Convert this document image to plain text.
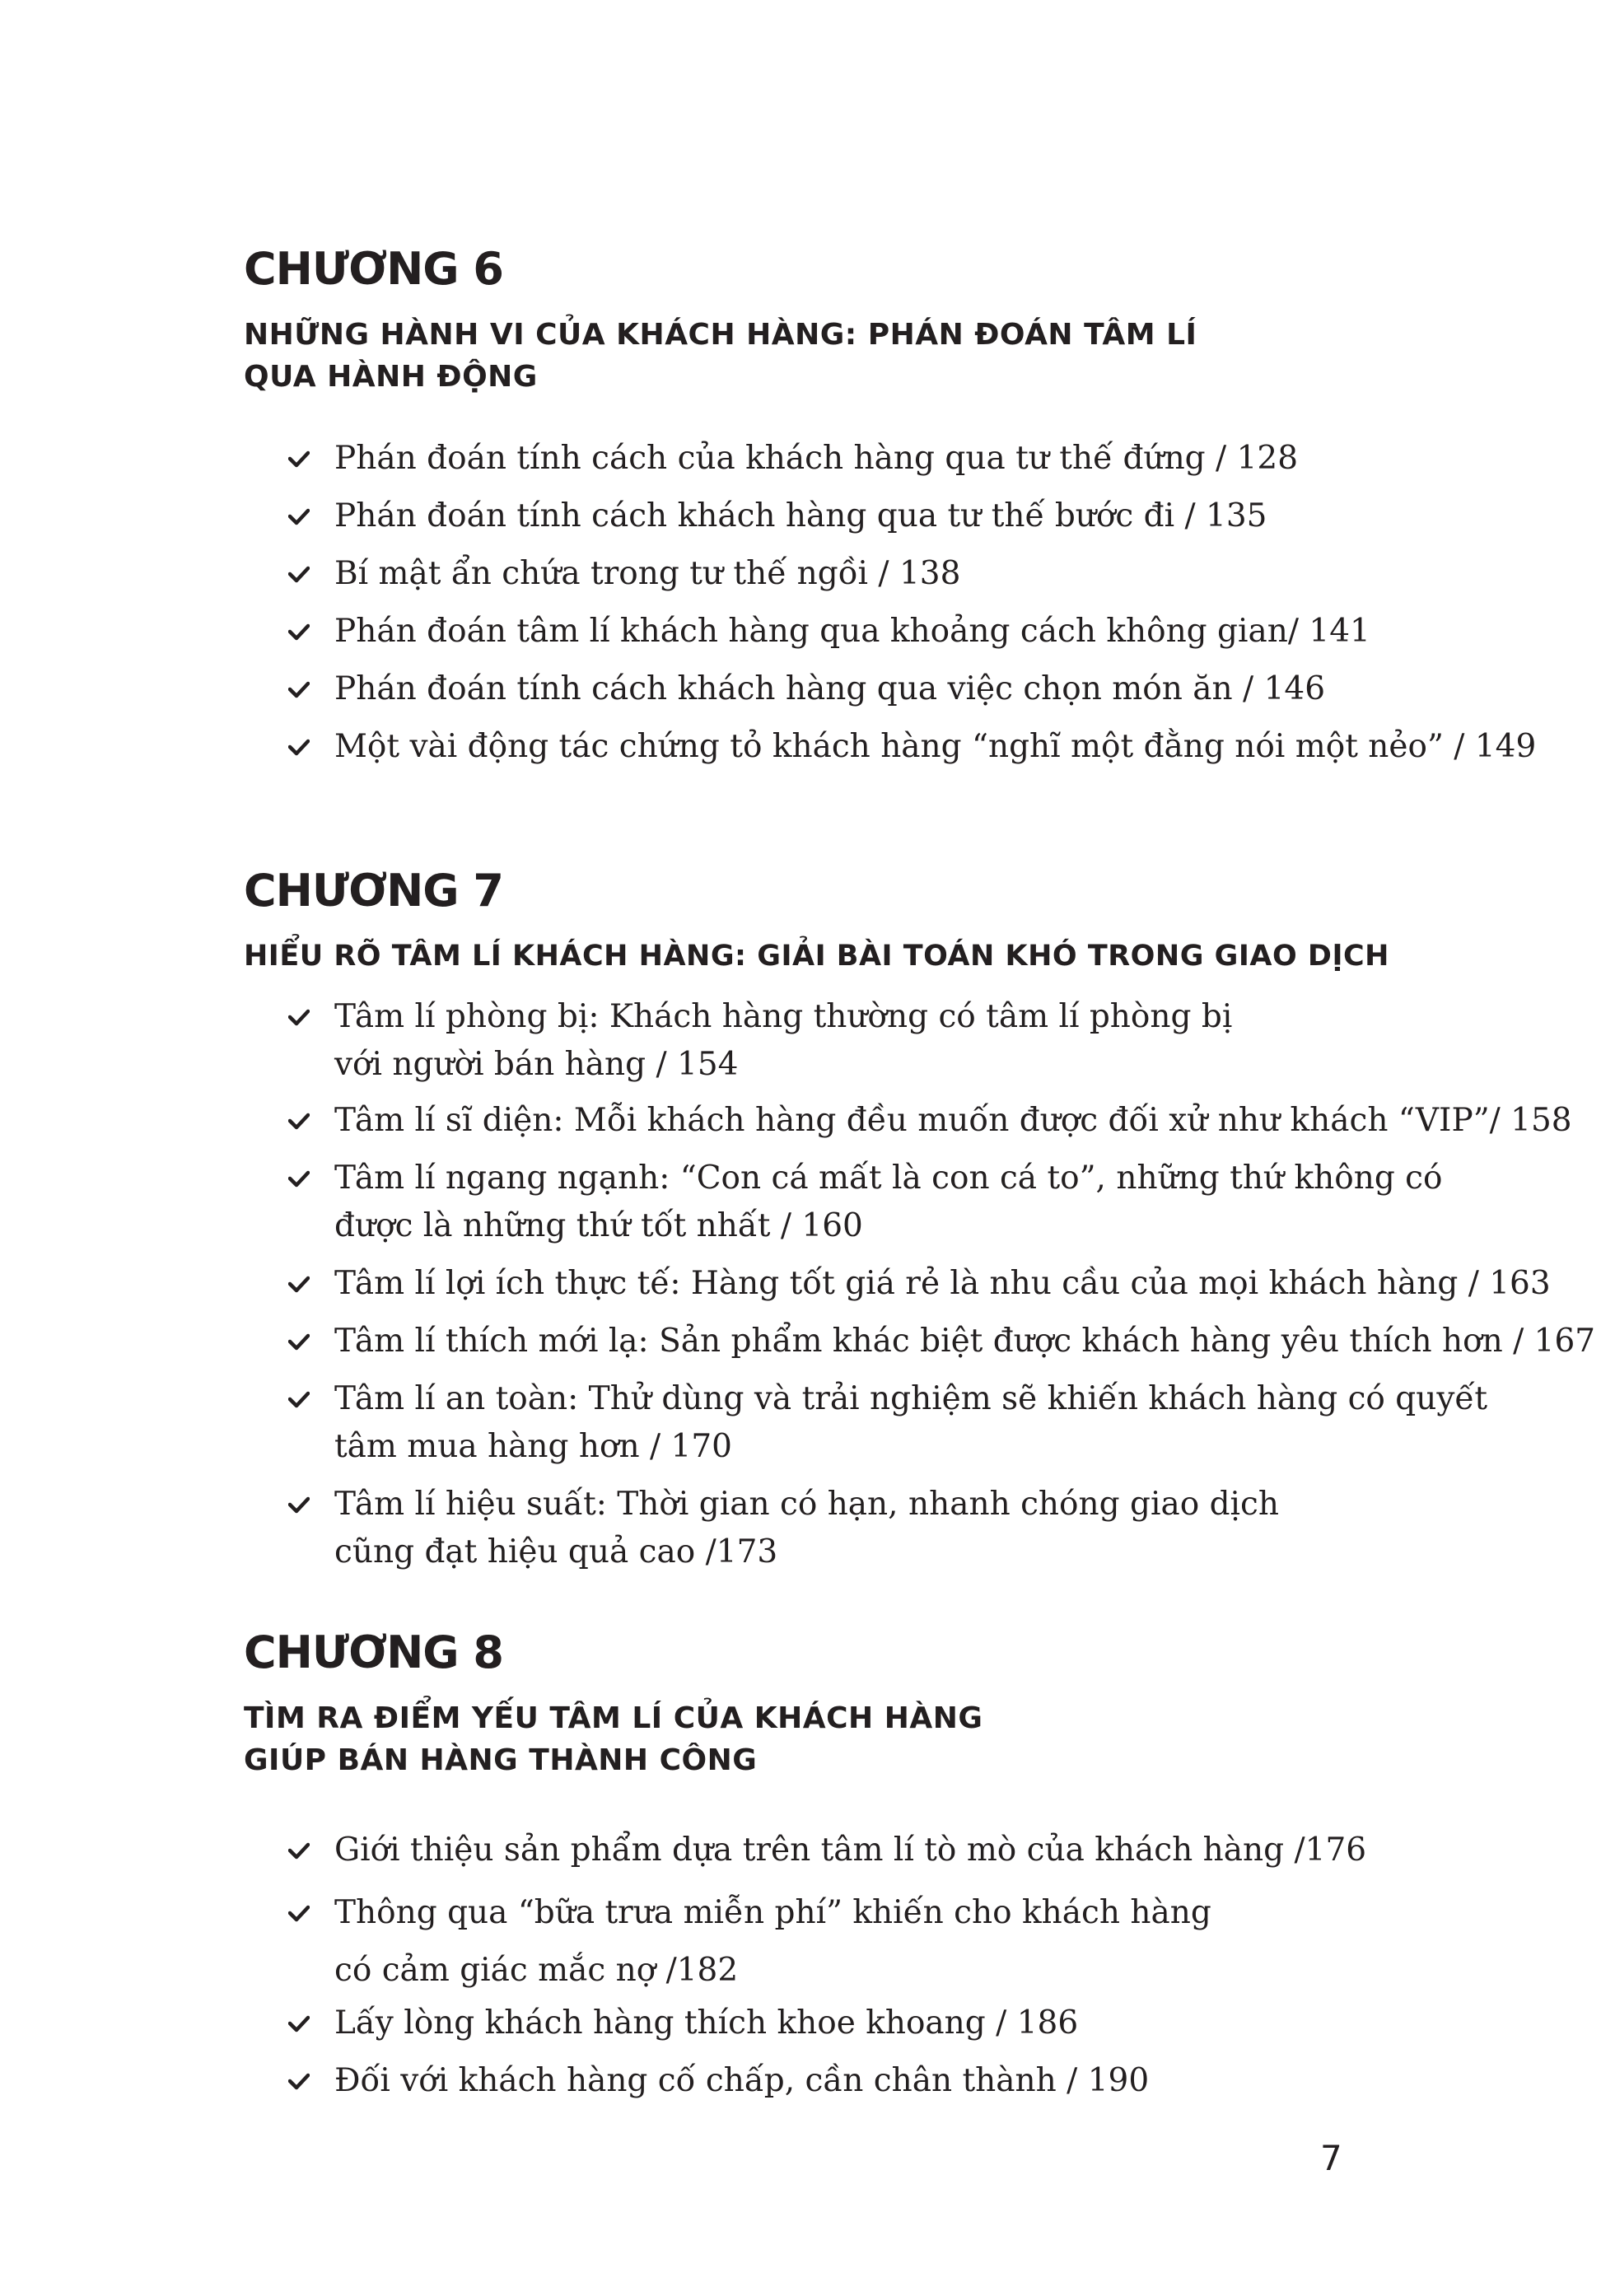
CHƯƠNG 6
NHỮNG HÀNH VI CỦA KHÁCH HÀNG: PHÁN ĐOÁN TÂM LÍ
QUA HÀNH ĐỘNG
Phán đoán tính cách của khách hàng qua tư thế đứng / 128
Phán đoán tính cách khách hàng qua tư thế bước đi / 135
Bí mật ẩn chứa trong tư thế ngồi / 138
Phán đoán tâm lí khách hàng qua khoảng cách không gian/ 141
Phán đoán tính cách khách hàng qua việc chọn món ăn / 146
Một vài động tác chứng tỏ khách hàng “nghĩ một đằng nói một nẻo” / 149
CHƯƠNG 7
HIỂU RÕ TÂM LÍ KHÁCH HÀNG: GIẢI BÀI TOÁN KHÓ TRONG GIAO DỊCH
Tâm lí phòng bị: Khách hàng thường có tâm lí phòng bị
với người bán hàng / 154
Tâm lí sĩ diện: Mỗi khách hàng đều muốn được đối xử như khách “VIP”/ 158
Tâm lí ngang ngạnh: “Con cá mất là con cá to”, những thứ không có
được là những thứ tốt nhất / 160
Tâm lí lợi ích thực tế: Hàng tốt giá rẻ là nhu cầu của mọi khách hàng / 163
Tâm lí thích mới lạ: Sản phẩm khác biệt được khách hàng yêu thích hơn / 167
Tâm lí an toàn: Thử dùng và trải nghiệm sẽ khiến khách hàng có quyết
tâm mua hàng hơn / 170
Tâm lí hiệu suất: Thời gian có hạn, nhanh chóng giao dịch
cũng đạt hiệu quả cao /173
CHƯƠNG 8
TÌM RA ĐIỂM YẾU TÂM LÍ CỦA KHÁCH HÀNG
GIÚP BÁN HÀNG THÀNH CÔNG
Giới thiệu sản phẩm dựa trên tâm lí tò mò của khách hàng /176
Thông qua “bữa trưa miễn phí” khiến cho khách hàng
có cảm giác mắc nợ /182
Lấy lòng khách hàng thích khoe khoang / 186
Đối với khách hàng cố chấp, cần chân thành / 190
7
